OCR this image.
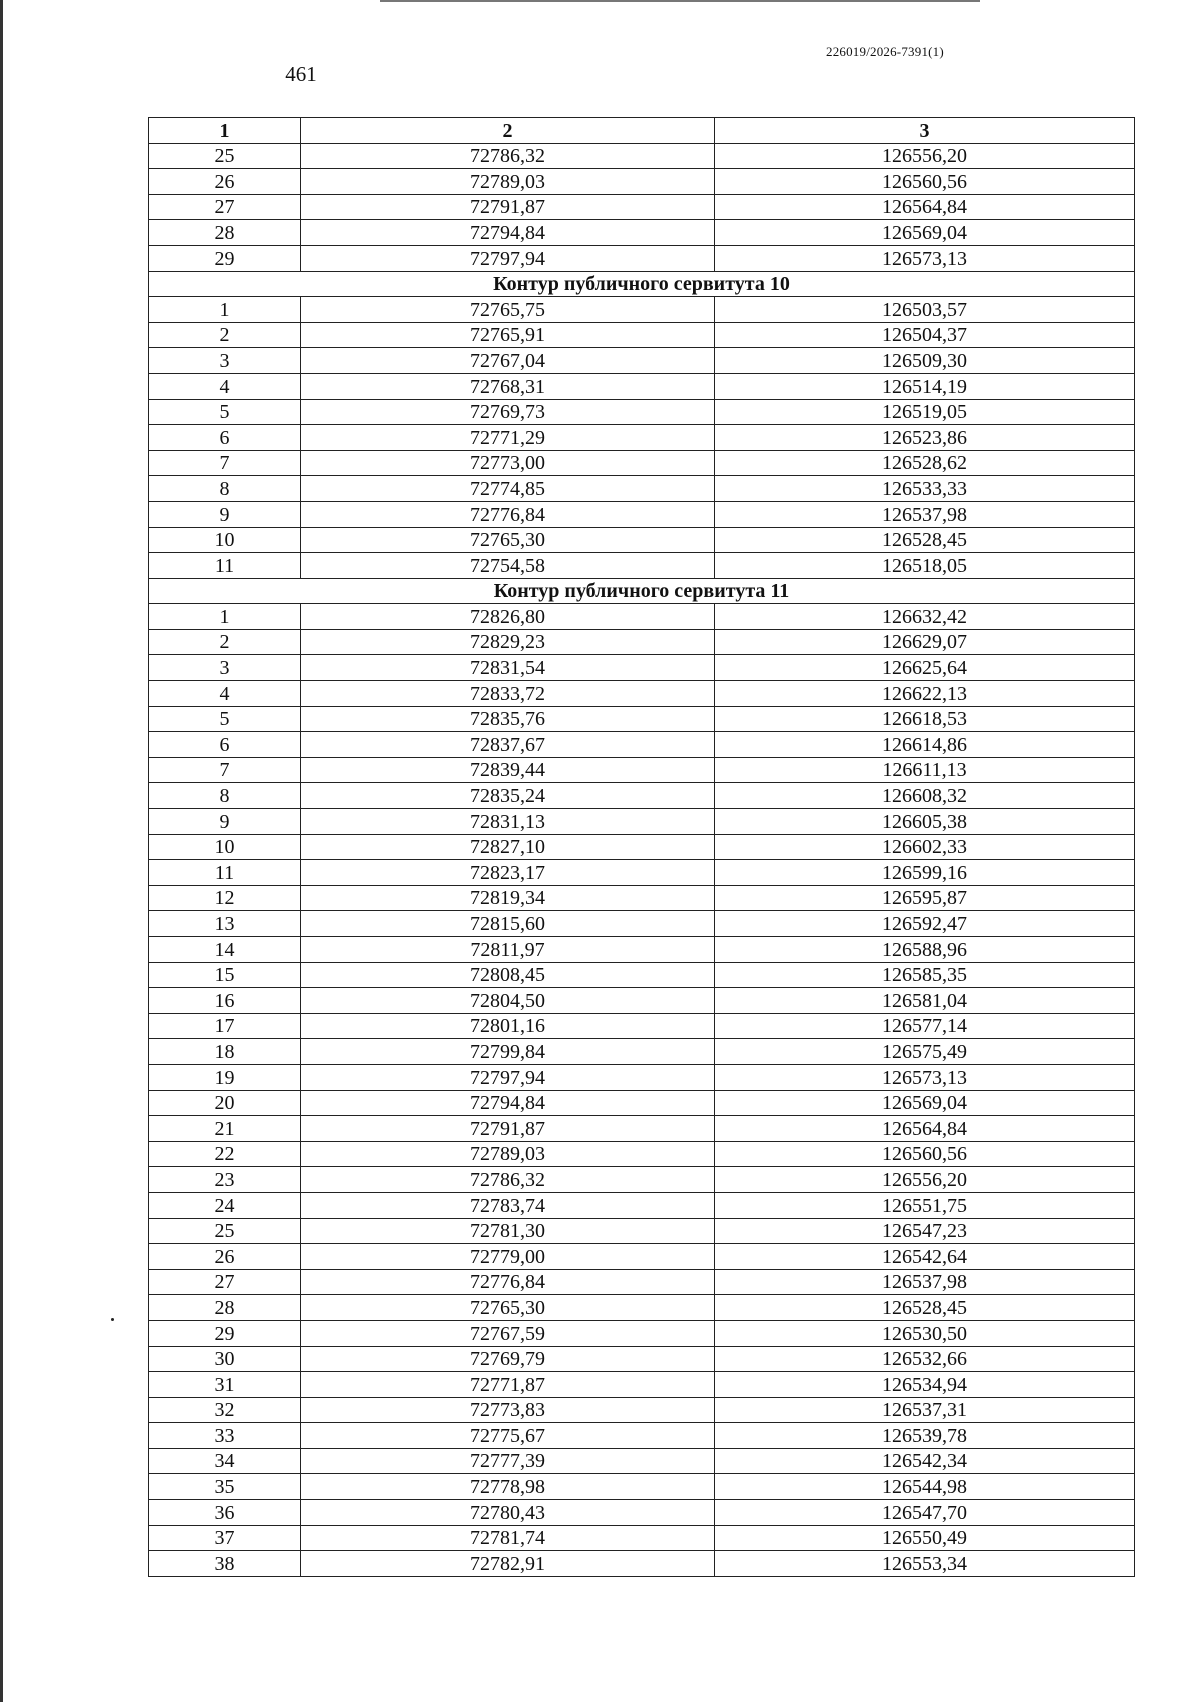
226019/2026-7391(1)
461
1	2	3
25	72786,32	126556,20
26	72789,03	126560,56
27	72791,87	126564,84
28	72794,84	126569,04
29	72797,94	126573,13
Контур публичного сервитута 10		
1	72765,75	126503,57
2	72765,91	126504,37
3	72767,04	126509,30
4	72768,31	126514,19
5	72769,73	126519,05
6	72771,29	126523,86
7	72773,00	126528,62
8	72774,85	126533,33
9	72776,84	126537,98
10	72765,30	126528,45
11	72754,58	126518,05
Контур публичного сервитута 11		
1	72826,80	126632,42
2	72829,23	126629,07
3	72831,54	126625,64
4	72833,72	126622,13
5	72835,76	126618,53
6	72837,67	126614,86
7	72839,44	126611,13
8	72835,24	126608,32
9	72831,13	126605,38
10	72827,10	126602,33
11	72823,17	126599,16
12	72819,34	126595,87
13	72815,60	126592,47
14	72811,97	126588,96
15	72808,45	126585,35
16	72804,50	126581,04
17	72801,16	126577,14
18	72799,84	126575,49
19	72797,94	126573,13
20	72794,84	126569,04
21	72791,87	126564,84
22	72789,03	126560,56
23	72786,32	126556,20
24	72783,74	126551,75
25	72781,30	126547,23
26	72779,00	126542,64
27	72776,84	126537,98
28	72765,30	126528,45
29	72767,59	126530,50
30	72769,79	126532,66
31	72771,87	126534,94
32	72773,83	126537,31
33	72775,67	126539,78
34	72777,39	126542,34
35	72778,98	126544,98
36	72780,43	126547,70
37	72781,74	126550,49
38	72782,91	126553,34
